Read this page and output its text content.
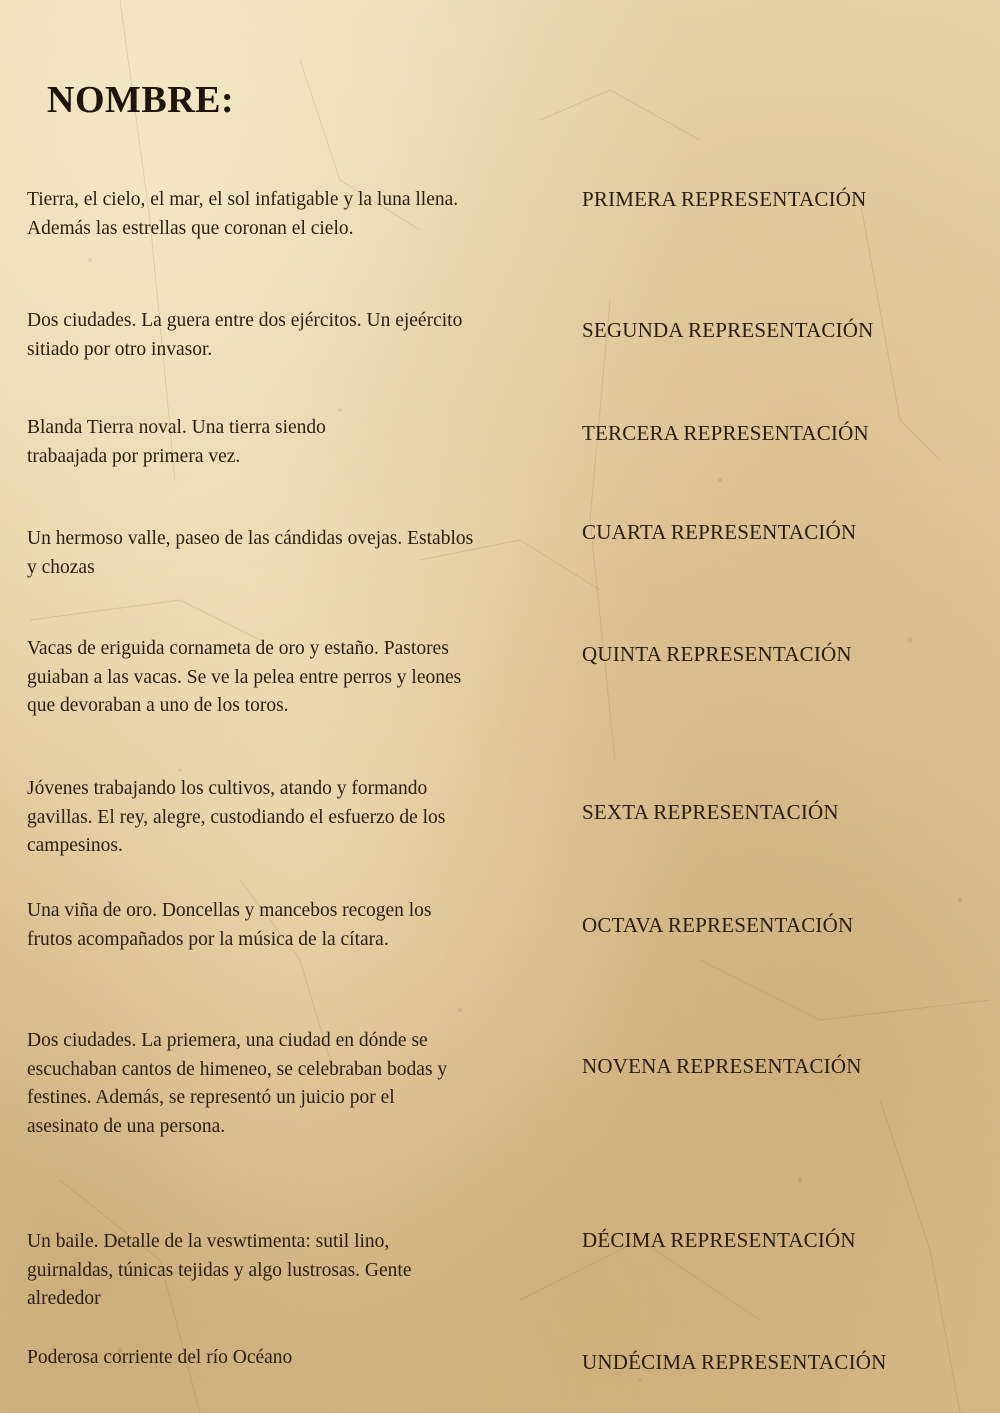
NOMBRE:
Tierra, el cielo, el mar, el sol infatigable y la luna llena. Además las estrellas que coronan el cielo.
PRIMERA REPRESENTACIÓN
Dos ciudades. La guera entre dos ejércitos. Un ejeército sitiado por otro invasor.
SEGUNDA REPRESENTACIÓN
Blanda Tierra noval. Una tierra siendo trabaajada por primera vez.
TERCERA REPRESENTACIÓN
Un hermoso valle, paseo de las cándidas ovejas. Establos y chozas
CUARTA REPRESENTACIÓN
Vacas de eriguida cornameta de oro y estaño. Pastores guiaban a las vacas. Se ve la pelea entre perros y leones que devoraban a uno de los toros.
QUINTA REPRESENTACIÓN
Jóvenes trabajando los cultivos, atando y formando gavillas. El rey, alegre, custodiando el esfuerzo de los campesinos.
SEXTA REPRESENTACIÓN
Una viña de oro. Doncellas y mancebos recogen los frutos acompañados por la música de la cítara.
OCTAVA REPRESENTACIÓN
Dos ciudades. La priemera, una ciudad en dónde se escuchaban cantos de himeneo, se celebraban bodas y festines. Además, se representó un juicio por el asesinato de una persona.
NOVENA REPRESENTACIÓN
Un baile. Detalle de la veswtimenta: sutil lino, guirnaldas, túnicas tejidas y algo lustrosas. Gente alrededor
DÉCIMA REPRESENTACIÓN
Poderosa corriente del río Océano	UNDÉCIMA REPRESENTACIÓN
